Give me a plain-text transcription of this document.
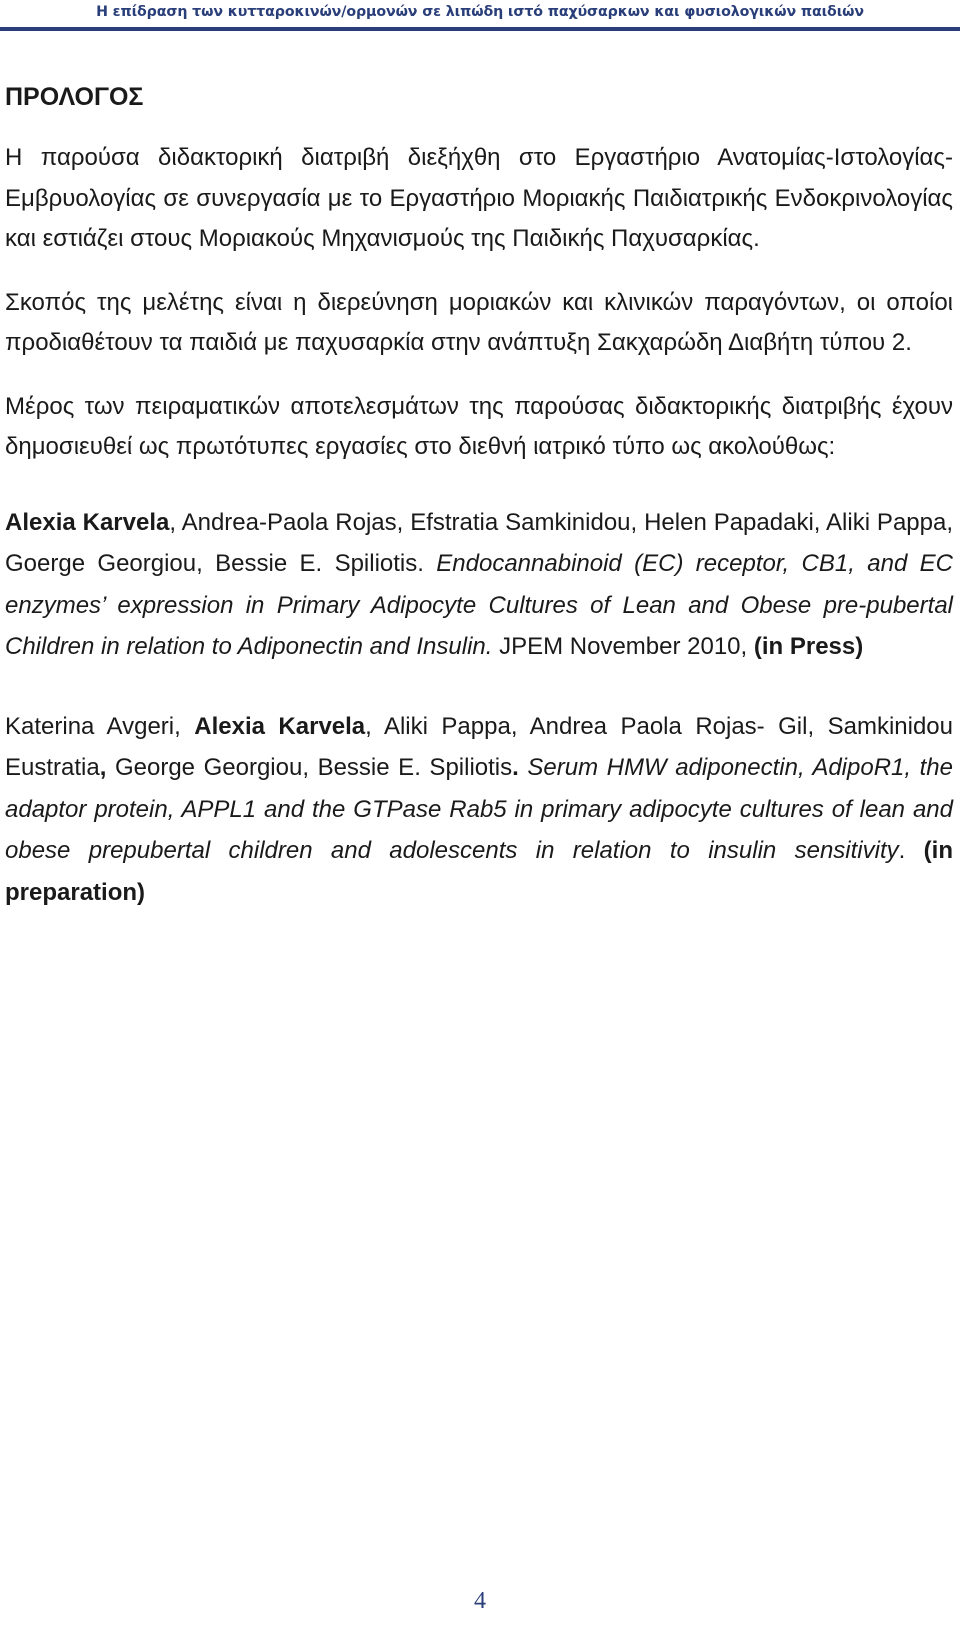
Η επίδραση των κυτταροκινών/ορμονών σε λιπώδη ιστό παχύσαρκων και φυσιολογικών παιδιών
ΠΡΟΛΟΓΟΣ

Η παρούσα διδακτορική διατριβή διεξήχθη στο Εργαστήριο Ανατομίας-Ιστολογίας-Εμβρυολογίας σε συνεργασία με το Εργαστήριο Μοριακής Παιδιατρικής Ενδοκρινολογίας και εστιάζει στους Μοριακούς Μηχανισμούς της Παιδικής Παχυσαρκίας.

Σκοπός της μελέτης είναι η διερεύνηση μοριακών και κλινικών παραγόντων, οι οποίοι προδιαθέτουν τα παιδιά με παχυσαρκία στην ανάπτυξη Σακχαρώδη Διαβήτη τύπου 2.

Μέρος των πειραματικών αποτελεσμάτων της παρούσας διδακτορικής διατριβής έχουν δημοσιευθεί ως πρωτότυπες εργασίες στο διεθνή ιατρικό τύπο ως ακολούθως:

Alexia Karvela, Andrea-Paola Rojas, Efstratia Samkinidou, Helen Papadaki, Aliki Pappa, Goerge Georgiou, Bessie E. Spiliotis. Endocannabinoid (EC) receptor, CB1, and EC enzymes’ expression in Primary Adipocyte Cultures of Lean and Obese pre-pubertal Children in relation to Adiponectin and Insulin. JPEM November 2010, (in Press)

Katerina Avgeri, Alexia Karvela, Aliki Pappa, Andrea Paola Rojas- Gil, Samkinidou Eustratia, George Georgiou, Bessie E. Spiliotis. Serum HMW adiponectin, AdipoR1, the adaptor protein, APPL1 and the GTPase Rab5 in primary adipocyte cultures of lean and obese prepubertal children and adolescents in relation to insulin sensitivity. (in preparation)

4
